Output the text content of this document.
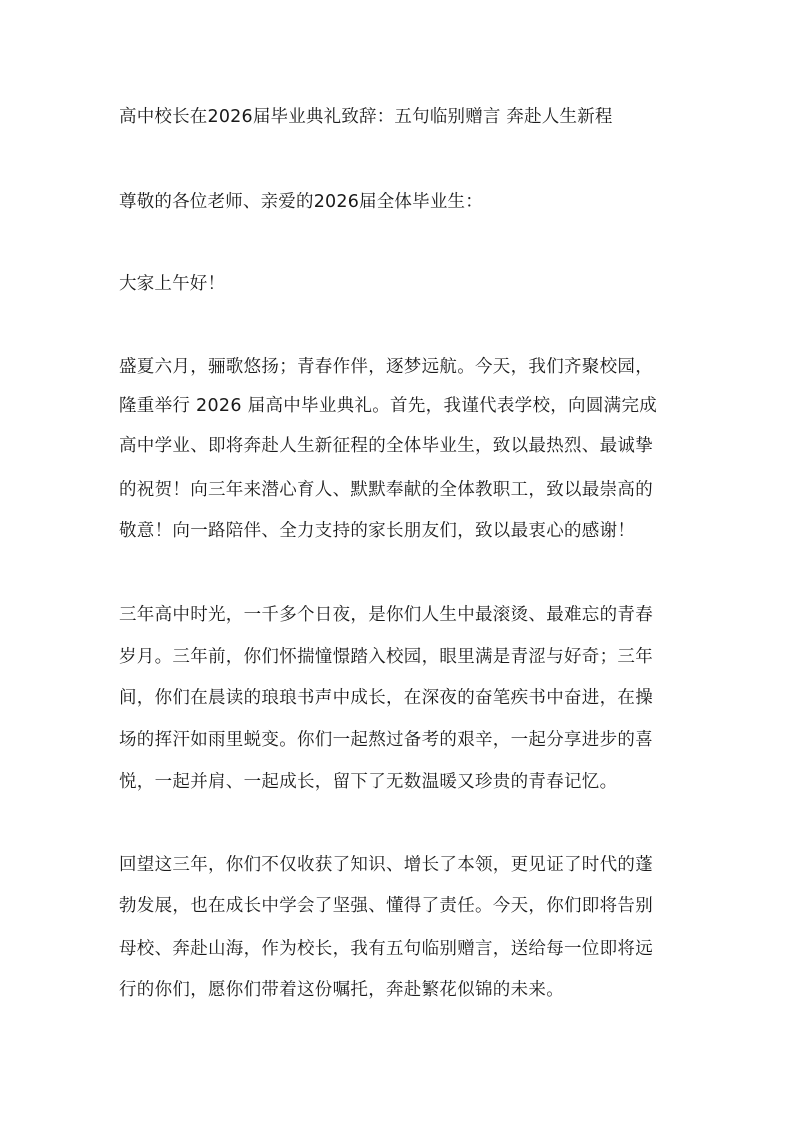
高中校长在2026届毕业典礼致辞：五句临别赠言 奔赴人生新程
尊敬的各位老师、亲爱的2026届全体毕业生：
大家上午好！
盛夏六月，骊歌悠扬；青春作伴，逐梦远航。今天，我们齐聚校园，
隆重举行 2026 届高中毕业典礼。首先，我谨代表学校，向圆满完成
高中学业、即将奔赴人生新征程的全体毕业生，致以最热烈、最诚挚
的祝贺！向三年来潜心育人、默默奉献的全体教职工，致以最崇高的
敬意！向一路陪伴、全力支持的家长朋友们，致以最衷心的感谢！
三年高中时光，一千多个日夜，是你们人生中最滚烫、最难忘的青春
岁月。三年前，你们怀揣憧憬踏入校园，眼里满是青涩与好奇；三年
间，你们在晨读的琅琅书声中成长，在深夜的奋笔疾书中奋进，在操
场的挥汗如雨里蜕变。你们一起熬过备考的艰辛，一起分享进步的喜
悦，一起并肩、一起成长，留下了无数温暖又珍贵的青春记忆。
回望这三年，你们不仅收获了知识、增长了本领，更见证了时代的蓬
勃发展，也在成长中学会了坚强、懂得了责任。今天，你们即将告别
母校、奔赴山海，作为校长，我有五句临别赠言，送给每一位即将远
行的你们，愿你们带着这份嘱托，奔赴繁花似锦的未来。
